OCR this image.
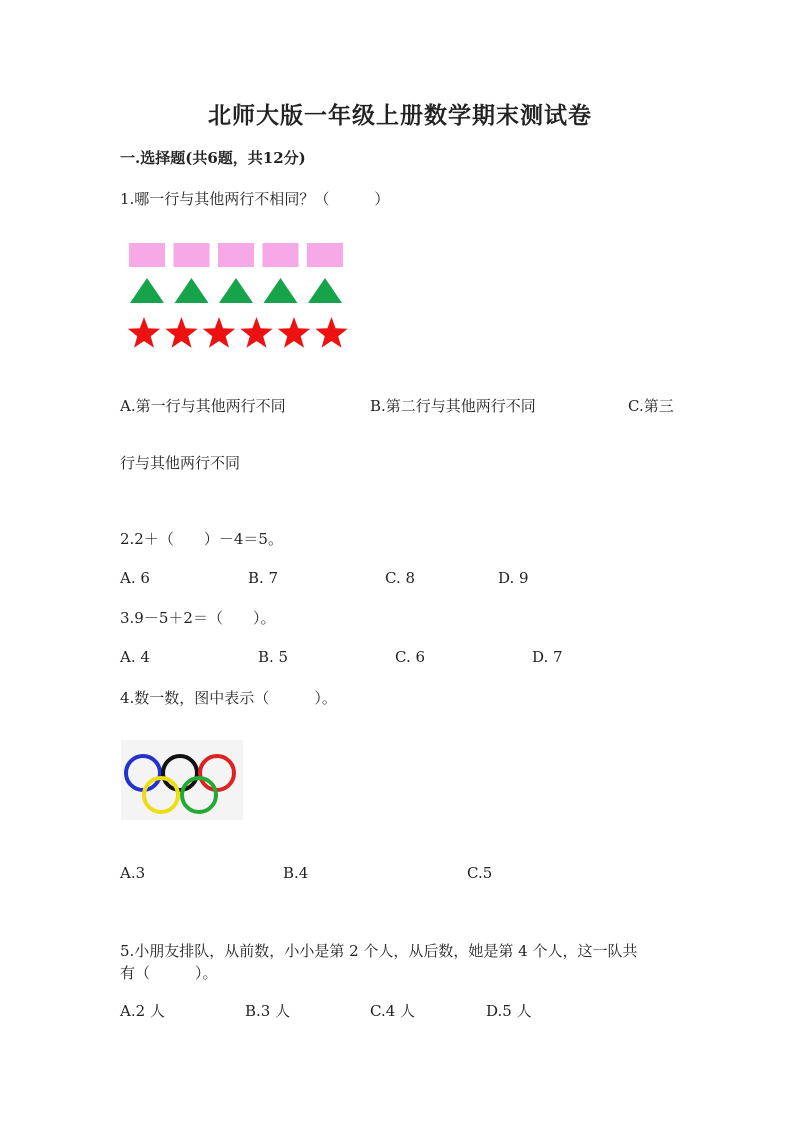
北师大版一年级上册数学期末测试卷
一.选择题(共6题，共12分)
1.哪一行与其他两行不相同？（　　　）
A.第一行与其他两行不同	B.第二行与其他两行不同	C.第三
行与其他两行不同
2.2＋（　　）－4＝5。
A. 6	B. 7	C. 8	D. 9
3.9－5＋2＝（　　）。
A. 4	B. 5	C. 6	D. 7
4.数一数，图中表示（　　　）。
A.3	B.4	C.5
5.小朋友排队，从前数，小小是第 2 个人，从后数，她是第 4 个人，这一队共
有（　　　）。
A.2 人	B.3 人	C.4 人	D.5 人
